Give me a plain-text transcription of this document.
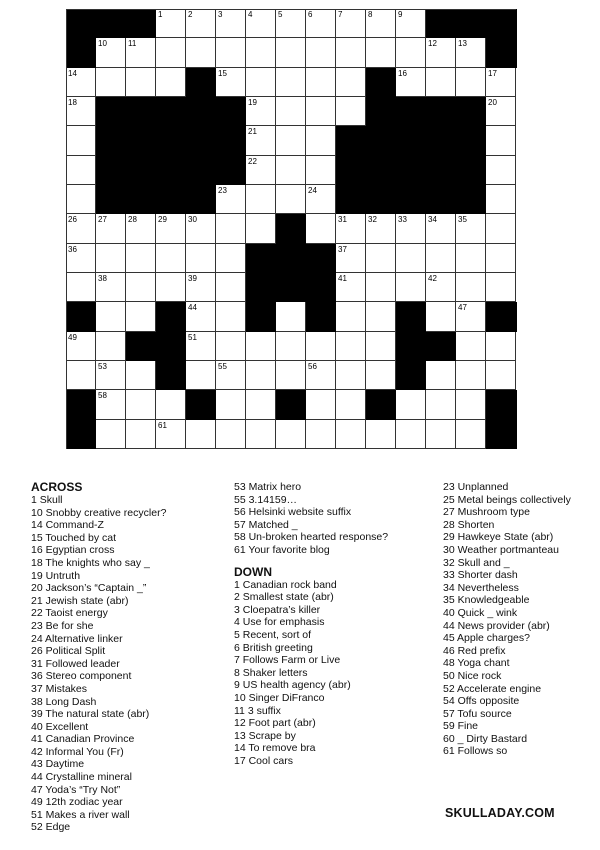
1	2	3	4	5	6	7	8	9
10	11	12	13
14	15	16	17
18	19	20
21
22
23	24
26	27	28	29	30	31	32	33	34	35
36	37
38	39	41	42
44	47
49	51
53	55	56
58
61
ACROSS
1 Skull
10 Snobby creative recycler?
14 Command-Z
15 Touched by cat
16 Egyptian cross
18 The knights who say _
19 Untruth
20 Jackson’s “Captain _”
21 Jewish state (abr)
22 Taoist energy
23 Be for she
24 Alternative linker
26 Political Split
31 Followed leader
36 Stereo component
37 Mistakes
38 Long Dash
39 The natural state (abr)
40 Excellent
41 Canadian Province
42 Informal You (Fr)
43 Daytime
44 Crystalline mineral
47 Yoda’s “Try Not”
49 12th zodiac year
51 Makes a river wall
52 Edge
53 Matrix hero
55 3.14159…
56 Helsinki website suffix
57 Matched _
58 Un-broken hearted response?
61 Your favorite blog
DOWN
1 Canadian rock band
2 Smallest state (abr)
3 Cloepatra’s killer
4 Use for emphasis
5 Recent, sort of
6 British greeting
7 Follows Farm or Live
8 Shaker letters
9 US health agency (abr)
10 Singer DiFranco
11 3 suffix
12 Foot part (abr)
13 Scrape by
14 To remove bra
17 Cool cars
23 Unplanned
25 Metal beings collectively
27 Mushroom type
28 Shorten
29 Hawkeye State (abr)
30 Weather portmanteau
32 Skull and _
33 Shorter dash
34 Nevertheless
35 Knowledgeable
40 Quick _ wink
44 News provider (abr)
45 Apple charges?
46 Red prefix
48 Yoga chant
50 Nice rock
52 Accelerate engine
54 Offs opposite
57 Tofu source
59 Fine
60 _ Dirty Bastard
61 Follows so
SKULLADAY.COM
